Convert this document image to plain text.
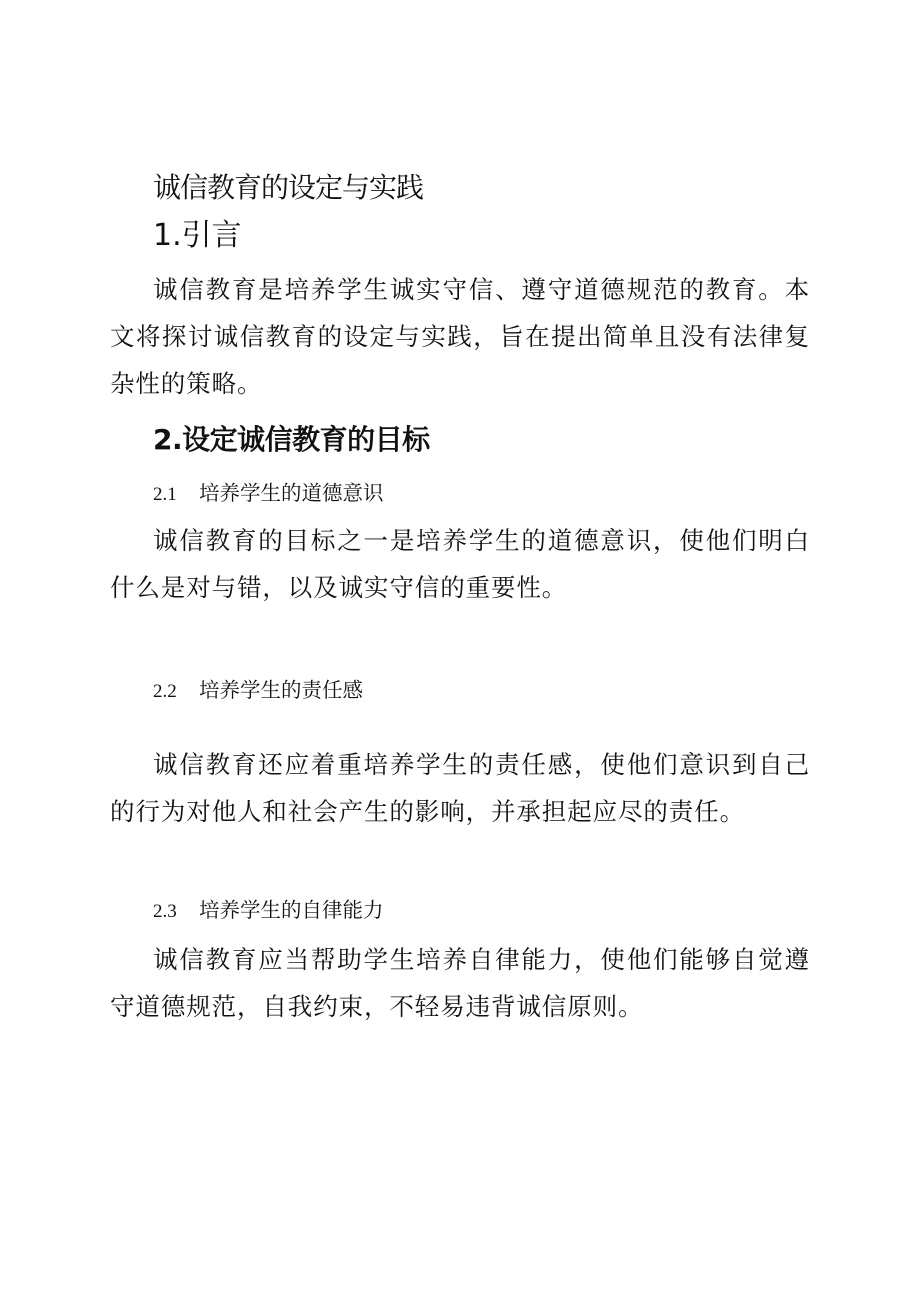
诚信教育的设定与实践
1.引言

诚信教育是培养学生诚实守信、遵守道德规范的教育。本文将探讨诚信教育的设定与实践，旨在提出简单且没有法律复杂性的策略。

2.设定诚信教育的目标
2.1 培养学生的道德意识

诚信教育的目标之一是培养学生的道德意识，使他们明白什么是对与错，以及诚实守信的重要性。

2.2 培养学生的责任感

诚信教育还应着重培养学生的责任感，使他们意识到自己的行为对他人和社会产生的影响，并承担起应尽的责任。

2.3 培养学生的自律能力

诚信教育应当帮助学生培养自律能力，使他们能够自觉遵守道德规范，自我约束，不轻易违背诚信原则。
